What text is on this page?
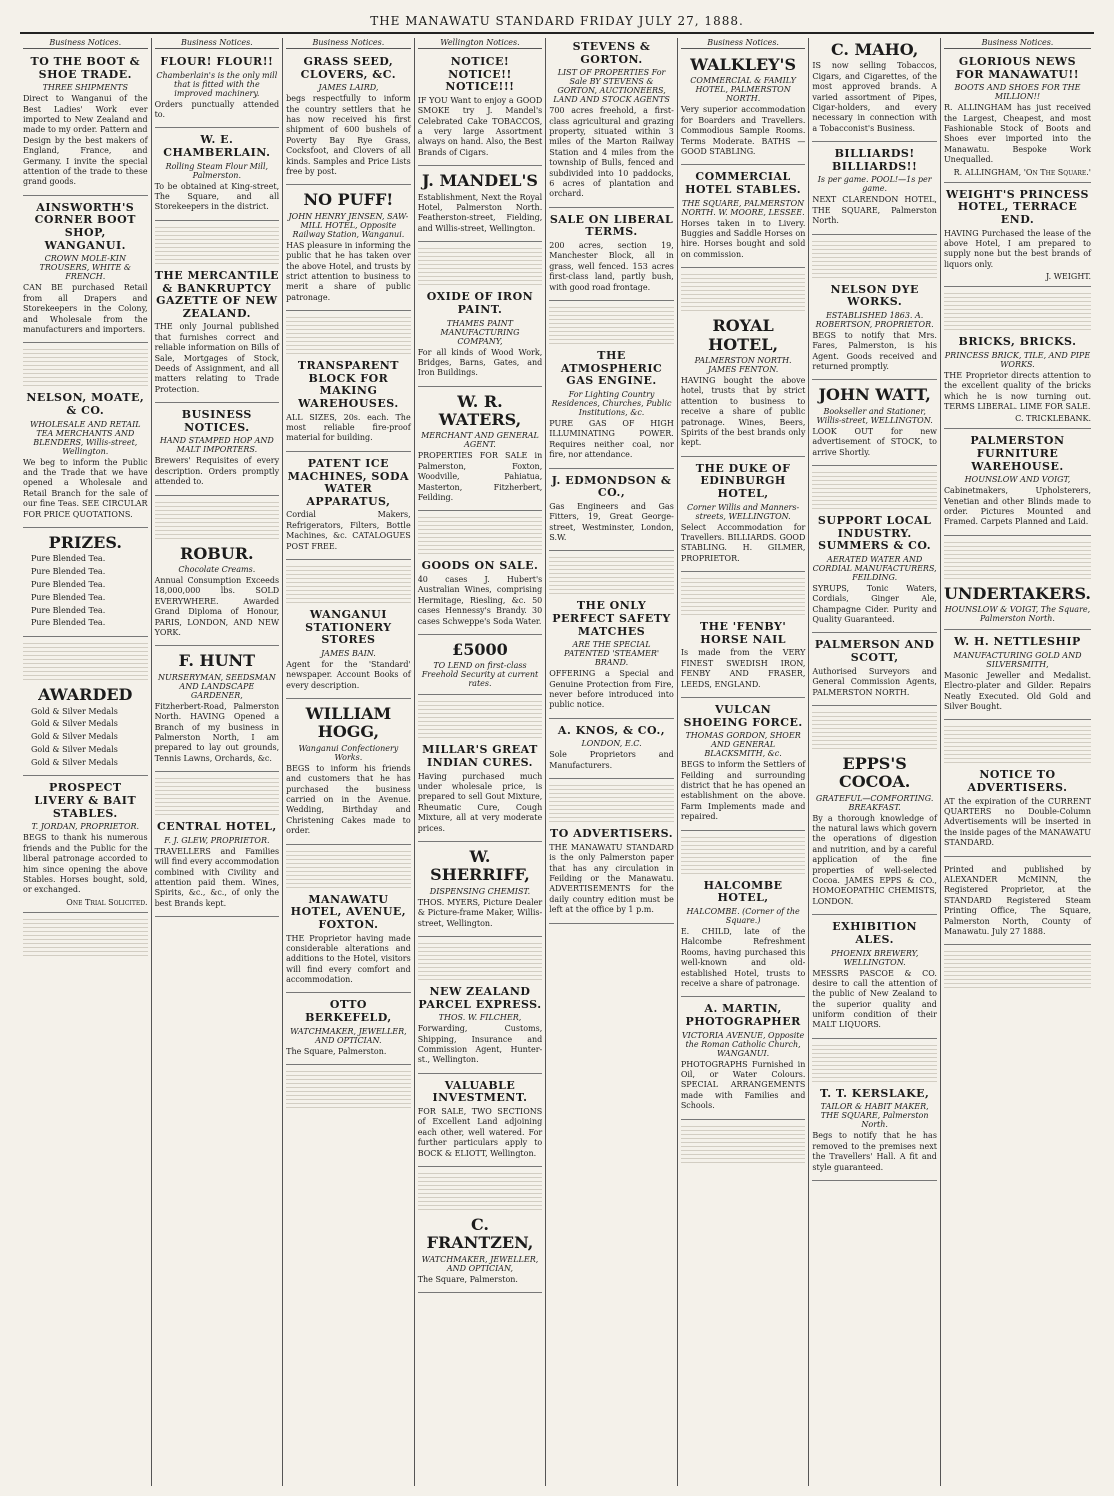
THE MANAWATU STANDARD FRIDAY JULY 27, 1888.
Business Notices.
TO THE BOOT & SHOE TRADE.
THREE SHIPMENTS

Direct to Wanganui of the Best Ladies' Work ever imported to New Zealand and made to my order. Pattern and Design by the best makers of England, France, and Germany. I invite the special attention of the trade to these grand goods.

AINSWORTH'S CORNER BOOT SHOP, WANGANUI.
CROWN MOLE-KIN TROUSERS, WHITE & FRENCH.

CAN BE purchased Retail from all Drapers and Storekeepers in the Colony, and Wholesale from the manufacturers and importers.

NELSON, MOATE, & CO.
WHOLESALE AND RETAIL TEA MERCHANTS AND BLENDERS, Willis-street, Wellington.

We beg to inform the Public and the Trade that we have opened a Wholesale and Retail Branch for the sale of our fine Teas. SEE CIRCULAR FOR PRICE QUOTATIONS.

PRIZES.
Pure Blended Tea.
Pure Blended Tea.
Pure Blended Tea.
Pure Blended Tea.
Pure Blended Tea.
Pure Blended Tea.
AWARDED
Gold & Silver Medals
Gold & Silver Medals
Gold & Silver Medals
Gold & Silver Medals
Gold & Silver Medals
PROSPECT LIVERY & BAIT STABLES.
T. JORDAN, PROPRIETOR.

BEGS to thank his numerous friends and the Public for the liberal patronage accorded to him since opening the above Stables. Horses bought, sold, or exchanged.

One Trial Solicited.
Business Notices.
FLOUR! FLOUR!!
Chamberlain's is the only mill that is fitted with the improved machinery.

Orders punctually attended to.

W. E. CHAMBERLAIN.
Rolling Steam Flour Mill, Palmerston.

To be obtained at King-street, The Square, and all Storekeepers in the district.

THE MERCANTILE & BANKRUPTCY GAZETTE OF NEW ZEALAND.

THE only Journal published that furnishes correct and reliable information on Bills of Sale, Mortgages of Stock, Deeds of Assignment, and all matters relating to Trade Protection.

BUSINESS NOTICES.
HAND STAMPED HOP AND MALT IMPORTERS.

Brewers' Requisites of every description. Orders promptly attended to.

ROBUR.
Chocolate Creams.

Annual Consumption Exceeds 18,000,000 lbs. SOLD EVERYWHERE. Awarded Grand Diploma of Honour, PARIS, LONDON, AND NEW YORK.

F. HUNT
NURSERYMAN, SEEDSMAN AND LANDSCAPE GARDENER,

Fitzherbert-Road, Palmerston North. HAVING Opened a Branch of my business in Palmerston North, I am prepared to lay out grounds, Tennis Lawns, Orchards, &c.

CENTRAL HOTEL,
F. J. GLEW, PROPRIETOR.

TRAVELLERS and Families will find every accommodation combined with Civility and attention paid them. Wines, Spirits, &c., &c., of only the best Brands kept.

Business Notices.
GRASS SEED, CLOVERS, &C.
JAMES LAIRD,

begs respectfully to inform the country settlers that he has now received his first shipment of 600 bushels of Poverty Bay Rye Grass, Cocksfoot, and Clovers of all kinds. Samples and Price Lists free by post.

NO PUFF!
JOHN HENRY JENSEN, SAW-MILL HOTEL, Opposite Railway Station, Wanganui.

HAS pleasure in informing the public that he has taken over the above Hotel, and trusts by strict attention to business to merit a share of public patronage.

TRANSPARENT BLOCK FOR MAKING WAREHOUSES.

ALL SIZES, 20s. each. The most reliable fire-proof material for building.

PATENT ICE MACHINES, SODA WATER APPARATUS,

Cordial Makers, Refrigerators, Filters, Bottle Machines, &c. CATALOGUES POST FREE.

WANGANUI STATIONERY STORES
JAMES BAIN.

Agent for the 'Standard' newspaper. Account Books of every description.

WILLIAM HOGG,
Wanganui Confectionery Works.

BEGS to inform his friends and customers that he has purchased the business carried on in the Avenue. Wedding, Birthday and Christening Cakes made to order.

MANAWATU HOTEL, AVENUE, FOXTON.

THE Proprietor having made considerable alterations and additions to the Hotel, visitors will find every comfort and accommodation.

OTTO BERKEFELD,
WATCHMAKER, JEWELLER, AND OPTICIAN.

The Square, Palmerston.

Wellington Notices.
NOTICE! NOTICE!! NOTICE!!!

IF YOU Want to enjoy a GOOD SMOKE try J. Mandel's Celebrated Cake TOBACCOS, a very large Assortment always on hand. Also, the Best Brands of Cigars.

J. MANDEL'S

Establishment, Next the Royal Hotel, Palmerston North. Featherston-street, Fielding, and Willis-street, Wellington.

OXIDE OF IRON PAINT.
THAMES PAINT MANUFACTURING COMPANY,

For all kinds of Wood Work, Bridges, Barns, Gates, and Iron Buildings.

W. R. WATERS,
MERCHANT AND GENERAL AGENT.

PROPERTIES FOR SALE in Palmerston, Foxton, Woodville, Pahiatua, Masterton, Fitzherbert, Feilding.

GOODS ON SALE.

40 cases J. Hubert's Australian Wines, comprising Hermitage, Riesling, &c. 50 cases Hennessy's Brandy. 30 cases Schweppe's Soda Water.

£5000
TO LEND on first-class Freehold Security at current rates.
MILLAR'S GREAT INDIAN CURES.

Having purchased much under wholesale price, is prepared to sell Gout Mixture, Rheumatic Cure, Cough Mixture, all at very moderate prices.

W. SHERRIFF,
DISPENSING CHEMIST.

THOS. MYERS, Picture Dealer & Picture-frame Maker, Willis-street, Wellington.

NEW ZEALAND PARCEL EXPRESS.
THOS. W. FILCHER,

Forwarding, Customs, Shipping, Insurance and Commission Agent, Hunter-st., Wellington.

VALUABLE INVESTMENT.

FOR SALE, TWO SECTIONS of Excellent Land adjoining each other, well watered. For further particulars apply to BOCK & ELIOTT, Wellington.

C. FRANTZEN,
WATCHMAKER, JEWELLER, AND OPTICIAN,

The Square, Palmerston.

STEVENS & GORTON.
LIST OF PROPERTIES For Sale BY STEVENS & GORTON, AUCTIONEERS, LAND AND STOCK AGENTS

700 acres freehold, a first-class agricultural and grazing property, situated within 3 miles of the Marton Railway Station and 4 miles from the township of Bulls, fenced and subdivided into 10 paddocks, 6 acres of plantation and orchard.

SALE ON LIBERAL TERMS.

200 acres, section 19, Manchester Block, all in grass, well fenced. 153 acres first-class land, partly bush, with good road frontage.

THE ATMOSPHERIC GAS ENGINE.
For Lighting Country Residences, Churches, Public Institutions, &c.

PURE GAS OF HIGH ILLUMINATING POWER. Requires neither coal, nor fire, nor attendance.

J. EDMONDSON & CO.,

Gas Engineers and Gas Fitters, 19, Great George-street, Westminster, London, S.W.

THE ONLY PERFECT SAFETY MATCHES
ARE THE SPECIAL PATENTED 'STEAMER' BRAND.

OFFERING a Special and Genuine Protection from Fire, never before introduced into public notice.

A. KNOS, & CO.,
LONDON, E.C.

Sole Proprietors and Manufacturers.

TO ADVERTISERS.

THE MANAWATU STANDARD is the only Palmerston paper that has any circulation in Feilding or the Manawatu. ADVERTISEMENTS for the daily country edition must be left at the office by 1 p.m.

Business Notices.
WALKLEY'S
COMMERCIAL & FAMILY HOTEL, PALMERSTON NORTH.

Very superior accommodation for Boarders and Travellers. Commodious Sample Rooms. Terms Moderate. BATHS — GOOD STABLING.

COMMERCIAL HOTEL STABLES.
THE SQUARE, PALMERSTON NORTH. W. MOORE, LESSEE.

Horses taken in to Livery. Buggies and Saddle Horses on hire. Horses bought and sold on commission.

ROYAL HOTEL,
PALMERSTON NORTH. JAMES FENTON.

HAVING bought the above hotel, trusts that by strict attention to business to receive a share of public patronage. Wines, Beers, Spirits of the best brands only kept.

THE DUKE OF EDINBURGH HOTEL,
Corner Willis and Manners-streets, WELLINGTON.

Select Accommodation for Travellers. BILLIARDS. GOOD STABLING. H. GILMER, PROPRIETOR.

THE 'FENBY' HORSE NAIL

Is made from the VERY FINEST SWEDISH IRON, FENBY AND FRASER, LEEDS, ENGLAND.

VULCAN SHOEING FORCE.
THOMAS GORDON, SHOER AND GENERAL BLACKSMITH, &c.

BEGS to inform the Settlers of Feilding and surrounding district that he has opened an establishment on the above. Farm Implements made and repaired.

HALCOMBE HOTEL,
HALCOMBE. (Corner of the Square.)

E. CHILD, late of the Halcombe Refreshment Rooms, having purchased this well-known and old-established Hotel, trusts to receive a share of patronage.

A. MARTIN, PHOTOGRAPHER
VICTORIA AVENUE, Opposite the Roman Catholic Church, WANGANUI.

PHOTOGRAPHS Furnished in Oil, or Water Colours. SPECIAL ARRANGEMENTS made with Families and Schools.

C. MAHO,

IS now selling Tobaccos, Cigars, and Cigarettes, of the most approved brands. A varied assortment of Pipes, Cigar-holders, and every necessary in connection with a Tobacconist's Business.

BILLIARDS! BILLIARDS!!
Is per game. POOL!—1s per game.

NEXT CLARENDON HOTEL, THE SQUARE, Palmerston North.

NELSON DYE WORKS.
ESTABLISHED 1863. A. ROBERTSON, PROPRIETOR.

BEGS to notify that Mrs. Fares, Palmerston, is his Agent. Goods received and returned promptly.

JOHN WATT,
Bookseller and Stationer, Willis-street, WELLINGTON.

LOOK OUT for new advertisement of STOCK, to arrive Shortly.

SUPPORT LOCAL INDUSTRY. SUMMERS & CO.
AERATED WATER AND CORDIAL MANUFACTURERS, FEILDING.

SYRUPS, Tonic Waters, Cordials, Ginger Ale, Champagne Cider. Purity and Quality Guaranteed.

PALMERSON AND SCOTT,

Authorised Surveyors and General Commission Agents, PALMERSTON NORTH.

EPPS'S COCOA.
GRATEFUL—COMFORTING. BREAKFAST.

By a thorough knowledge of the natural laws which govern the operations of digestion and nutrition, and by a careful application of the fine properties of well-selected Cocoa. JAMES EPPS & CO., HOMOEOPATHIC CHEMISTS, LONDON.

EXHIBITION ALES.
PHOENIX BREWERY, WELLINGTON.

MESSRS PASCOE & CO. desire to call the attention of the public of New Zealand to the superior quality and uniform condition of their MALT LIQUORS.

T. T. KERSLAKE,
TAILOR & HABIT MAKER, THE SQUARE, Palmerston North.

Begs to notify that he has removed to the premises next the Travellers' Hall. A fit and style guaranteed.

Business Notices.
GLORIOUS NEWS FOR MANAWATU!!
BOOTS AND SHOES FOR THE MILLION!!

R. ALLINGHAM has just received the Largest, Cheapest, and most Fashionable Stock of Boots and Shoes ever imported into the Manawatu. Bespoke Work Unequalled.

R. ALLINGHAM, 'On The Square.'
WEIGHT'S PRINCESS HOTEL, TERRACE END.

HAVING Purchased the lease of the above Hotel, I am prepared to supply none but the best brands of liquors only.

J. WEIGHT.
BRICKS, BRICKS.
PRINCESS BRICK, TILE, AND PIPE WORKS.

THE Proprietor directs attention to the excellent quality of the bricks which he is now turning out. TERMS LIBERAL. LIME FOR SALE.

C. TRICKLEBANK.
PALMERSTON FURNITURE WAREHOUSE.
HOUNSLOW AND VOIGT,

Cabinetmakers, Upholsterers, Venetian and other Blinds made to order. Pictures Mounted and Framed. Carpets Planned and Laid.

UNDERTAKERS.
HOUNSLOW & VOIGT, The Square, Palmerston North.
W. H. NETTLESHIP
MANUFACTURING GOLD AND SILVERSMITH,

Masonic Jeweller and Medalist. Electro-plater and Gilder. Repairs Neatly Executed. Old Gold and Silver Bought.

NOTICE TO ADVERTISERS.

AT the expiration of the CURRENT QUARTERS no Double-Column Advertisements will be inserted in the inside pages of the MANAWATU STANDARD.

Printed and published by ALEXANDER McMINN, the Registered Proprietor, at the STANDARD Registered Steam Printing Office, The Square, Palmerston North, County of Manawatu. July 27 1888.
